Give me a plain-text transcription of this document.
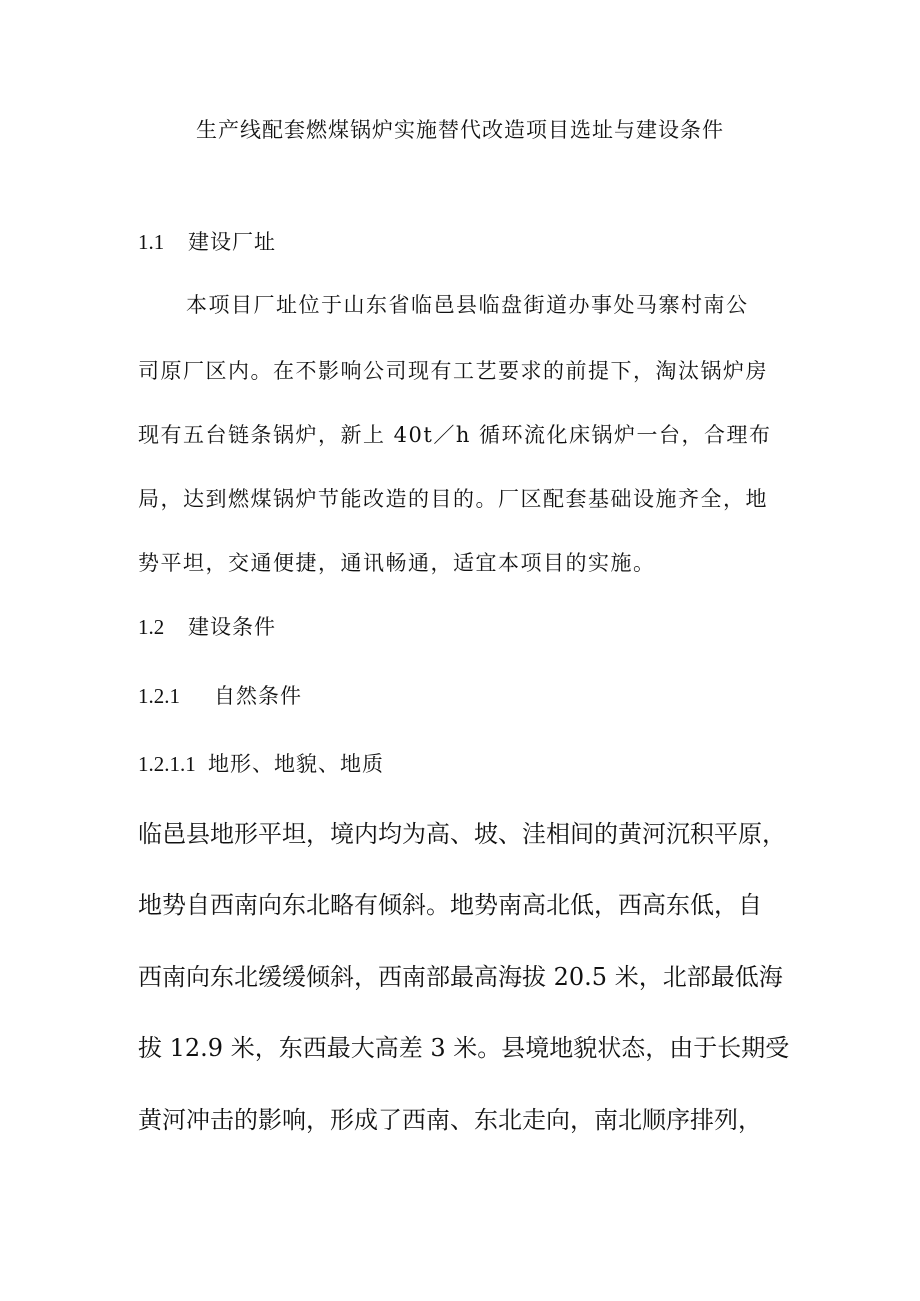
生产线配套燃煤锅炉实施替代改造项目选址与建设条件
1.1 建设厂址
本项目厂址位于山东省临邑县临盘街道办事处马寨村南公
司原厂区内。在不影响公司现有工艺要求的前提下，淘汰锅炉房
现有五台链条锅炉，新上 40t／h 循环流化床锅炉一台，合理布
局，达到燃煤锅炉节能改造的目的。厂区配套基础设施齐全，地
势平坦，交通便捷，通讯畅通，适宜本项目的实施。
1.2 建设条件
1.2.1 自然条件
1.2.1.1 地形、地貌、地质
临邑县地形平坦，境内均为高、坡、洼相间的黄河沉积平原，
地势自西南向东北略有倾斜。地势南高北低，西高东低，自
西南向东北缓缓倾斜，西南部最高海拔 20.5 米，北部最低海
拔 12.9 米，东西最大高差 3 米。县境地貌状态，由于长期受
黄河冲击的影响，形成了西南、东北走向，南北顺序排列，
